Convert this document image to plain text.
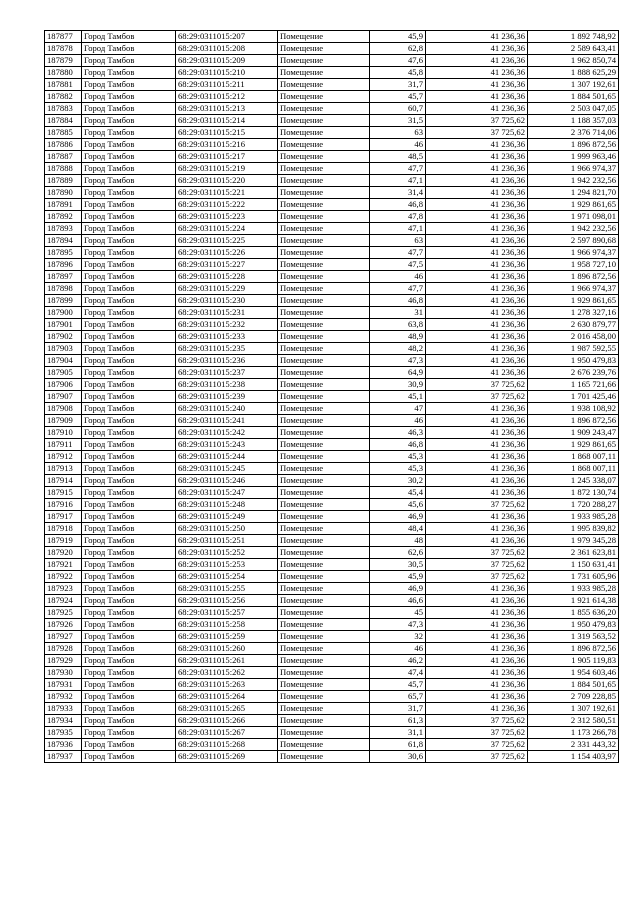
187877	Город Тамбов	68:29:0311015:207	Помещение	45,9	41 236,36	1 892 748,92
187878	Город Тамбов	68:29:0311015:208	Помещение	62,8	41 236,36	2 589 643,41
187879	Город Тамбов	68:29:0311015:209	Помещение	47,6	41 236,36	1 962 850,74
187880	Город Тамбов	68:29:0311015:210	Помещение	45,8	41 236,36	1 888 625,29
187881	Город Тамбов	68:29:0311015:211	Помещение	31,7	41 236,36	1 307 192,61
187882	Город Тамбов	68:29:0311015:212	Помещение	45,7	41 236,36	1 884 501,65
187883	Город Тамбов	68:29:0311015:213	Помещение	60,7	41 236,36	2 503 047,05
187884	Город Тамбов	68:29:0311015:214	Помещение	31,5	37 725,62	1 188 357,03
187885	Город Тамбов	68:29:0311015:215	Помещение	63	37 725,62	2 376 714,06
187886	Город Тамбов	68:29:0311015:216	Помещение	46	41 236,36	1 896 872,56
187887	Город Тамбов	68:29:0311015:217	Помещение	48,5	41 236,36	1 999 963,46
187888	Город Тамбов	68:29:0311015:219	Помещение	47,7	41 236,36	1 966 974,37
187889	Город Тамбов	68:29:0311015:220	Помещение	47,1	41 236,36	1 942 232,56
187890	Город Тамбов	68:29:0311015:221	Помещение	31,4	41 236,36	1 294 821,70
187891	Город Тамбов	68:29:0311015:222	Помещение	46,8	41 236,36	1 929 861,65
187892	Город Тамбов	68:29:0311015:223	Помещение	47,8	41 236,36	1 971 098,01
187893	Город Тамбов	68:29:0311015:224	Помещение	47,1	41 236,36	1 942 232,56
187894	Город Тамбов	68:29:0311015:225	Помещение	63	41 236,36	2 597 890,68
187895	Город Тамбов	68:29:0311015:226	Помещение	47,7	41 236,36	1 966 974,37
187896	Город Тамбов	68:29:0311015:227	Помещение	47,5	41 236,36	1 958 727,10
187897	Город Тамбов	68:29:0311015:228	Помещение	46	41 236,36	1 896 872,56
187898	Город Тамбов	68:29:0311015:229	Помещение	47,7	41 236,36	1 966 974,37
187899	Город Тамбов	68:29:0311015:230	Помещение	46,8	41 236,36	1 929 861,65
187900	Город Тамбов	68:29:0311015:231	Помещение	31	41 236,36	1 278 327,16
187901	Город Тамбов	68:29:0311015:232	Помещение	63,8	41 236,36	2 630 879,77
187902	Город Тамбов	68:29:0311015:233	Помещение	48,9	41 236,36	2 016 458,00
187903	Город Тамбов	68:29:0311015:235	Помещение	48,2	41 236,36	1 987 592,55
187904	Город Тамбов	68:29:0311015:236	Помещение	47,3	41 236,36	1 950 479,83
187905	Город Тамбов	68:29:0311015:237	Помещение	64,9	41 236,36	2 676 239,76
187906	Город Тамбов	68:29:0311015:238	Помещение	30,9	37 725,62	1 165 721,66
187907	Город Тамбов	68:29:0311015:239	Помещение	45,1	37 725,62	1 701 425,46
187908	Город Тамбов	68:29:0311015:240	Помещение	47	41 236,36	1 938 108,92
187909	Город Тамбов	68:29:0311015:241	Помещение	46	41 236,36	1 896 872,56
187910	Город Тамбов	68:29:0311015:242	Помещение	46,3	41 236,36	1 909 243,47
187911	Город Тамбов	68:29:0311015:243	Помещение	46,8	41 236,36	1 929 861,65
187912	Город Тамбов	68:29:0311015:244	Помещение	45,3	41 236,36	1 868 007,11
187913	Город Тамбов	68:29:0311015:245	Помещение	45,3	41 236,36	1 868 007,11
187914	Город Тамбов	68:29:0311015:246	Помещение	30,2	41 236,36	1 245 338,07
187915	Город Тамбов	68:29:0311015:247	Помещение	45,4	41 236,36	1 872 130,74
187916	Город Тамбов	68:29:0311015:248	Помещение	45,6	37 725,62	1 720 288,27
187917	Город Тамбов	68:29:0311015:249	Помещение	46,9	41 236,36	1 933 985,28
187918	Город Тамбов	68:29:0311015:250	Помещение	48,4	41 236,36	1 995 839,82
187919	Город Тамбов	68:29:0311015:251	Помещение	48	41 236,36	1 979 345,28
187920	Город Тамбов	68:29:0311015:252	Помещение	62,6	37 725,62	2 361 623,81
187921	Город Тамбов	68:29:0311015:253	Помещение	30,5	37 725,62	1 150 631,41
187922	Город Тамбов	68:29:0311015:254	Помещение	45,9	37 725,62	1 731 605,96
187923	Город Тамбов	68:29:0311015:255	Помещение	46,9	41 236,36	1 933 985,28
187924	Город Тамбов	68:29:0311015:256	Помещение	46,6	41 236,36	1 921 614,38
187925	Город Тамбов	68:29:0311015:257	Помещение	45	41 236,36	1 855 636,20
187926	Город Тамбов	68:29:0311015:258	Помещение	47,3	41 236,36	1 950 479,83
187927	Город Тамбов	68:29:0311015:259	Помещение	32	41 236,36	1 319 563,52
187928	Город Тамбов	68:29:0311015:260	Помещение	46	41 236,36	1 896 872,56
187929	Город Тамбов	68:29:0311015:261	Помещение	46,2	41 236,36	1 905 119,83
187930	Город Тамбов	68:29:0311015:262	Помещение	47,4	41 236,36	1 954 603,46
187931	Город Тамбов	68:29:0311015:263	Помещение	45,7	41 236,36	1 884 501,65
187932	Город Тамбов	68:29:0311015:264	Помещение	65,7	41 236,36	2 709 228,85
187933	Город Тамбов	68:29:0311015:265	Помещение	31,7	41 236,36	1 307 192,61
187934	Город Тамбов	68:29:0311015:266	Помещение	61,3	37 725,62	2 312 580,51
187935	Город Тамбов	68:29:0311015:267	Помещение	31,1	37 725,62	1 173 266,78
187936	Город Тамбов	68:29:0311015:268	Помещение	61,8	37 725,62	2 331 443,32
187937	Город Тамбов	68:29:0311015:269	Помещение	30,6	37 725,62	1 154 403,97
